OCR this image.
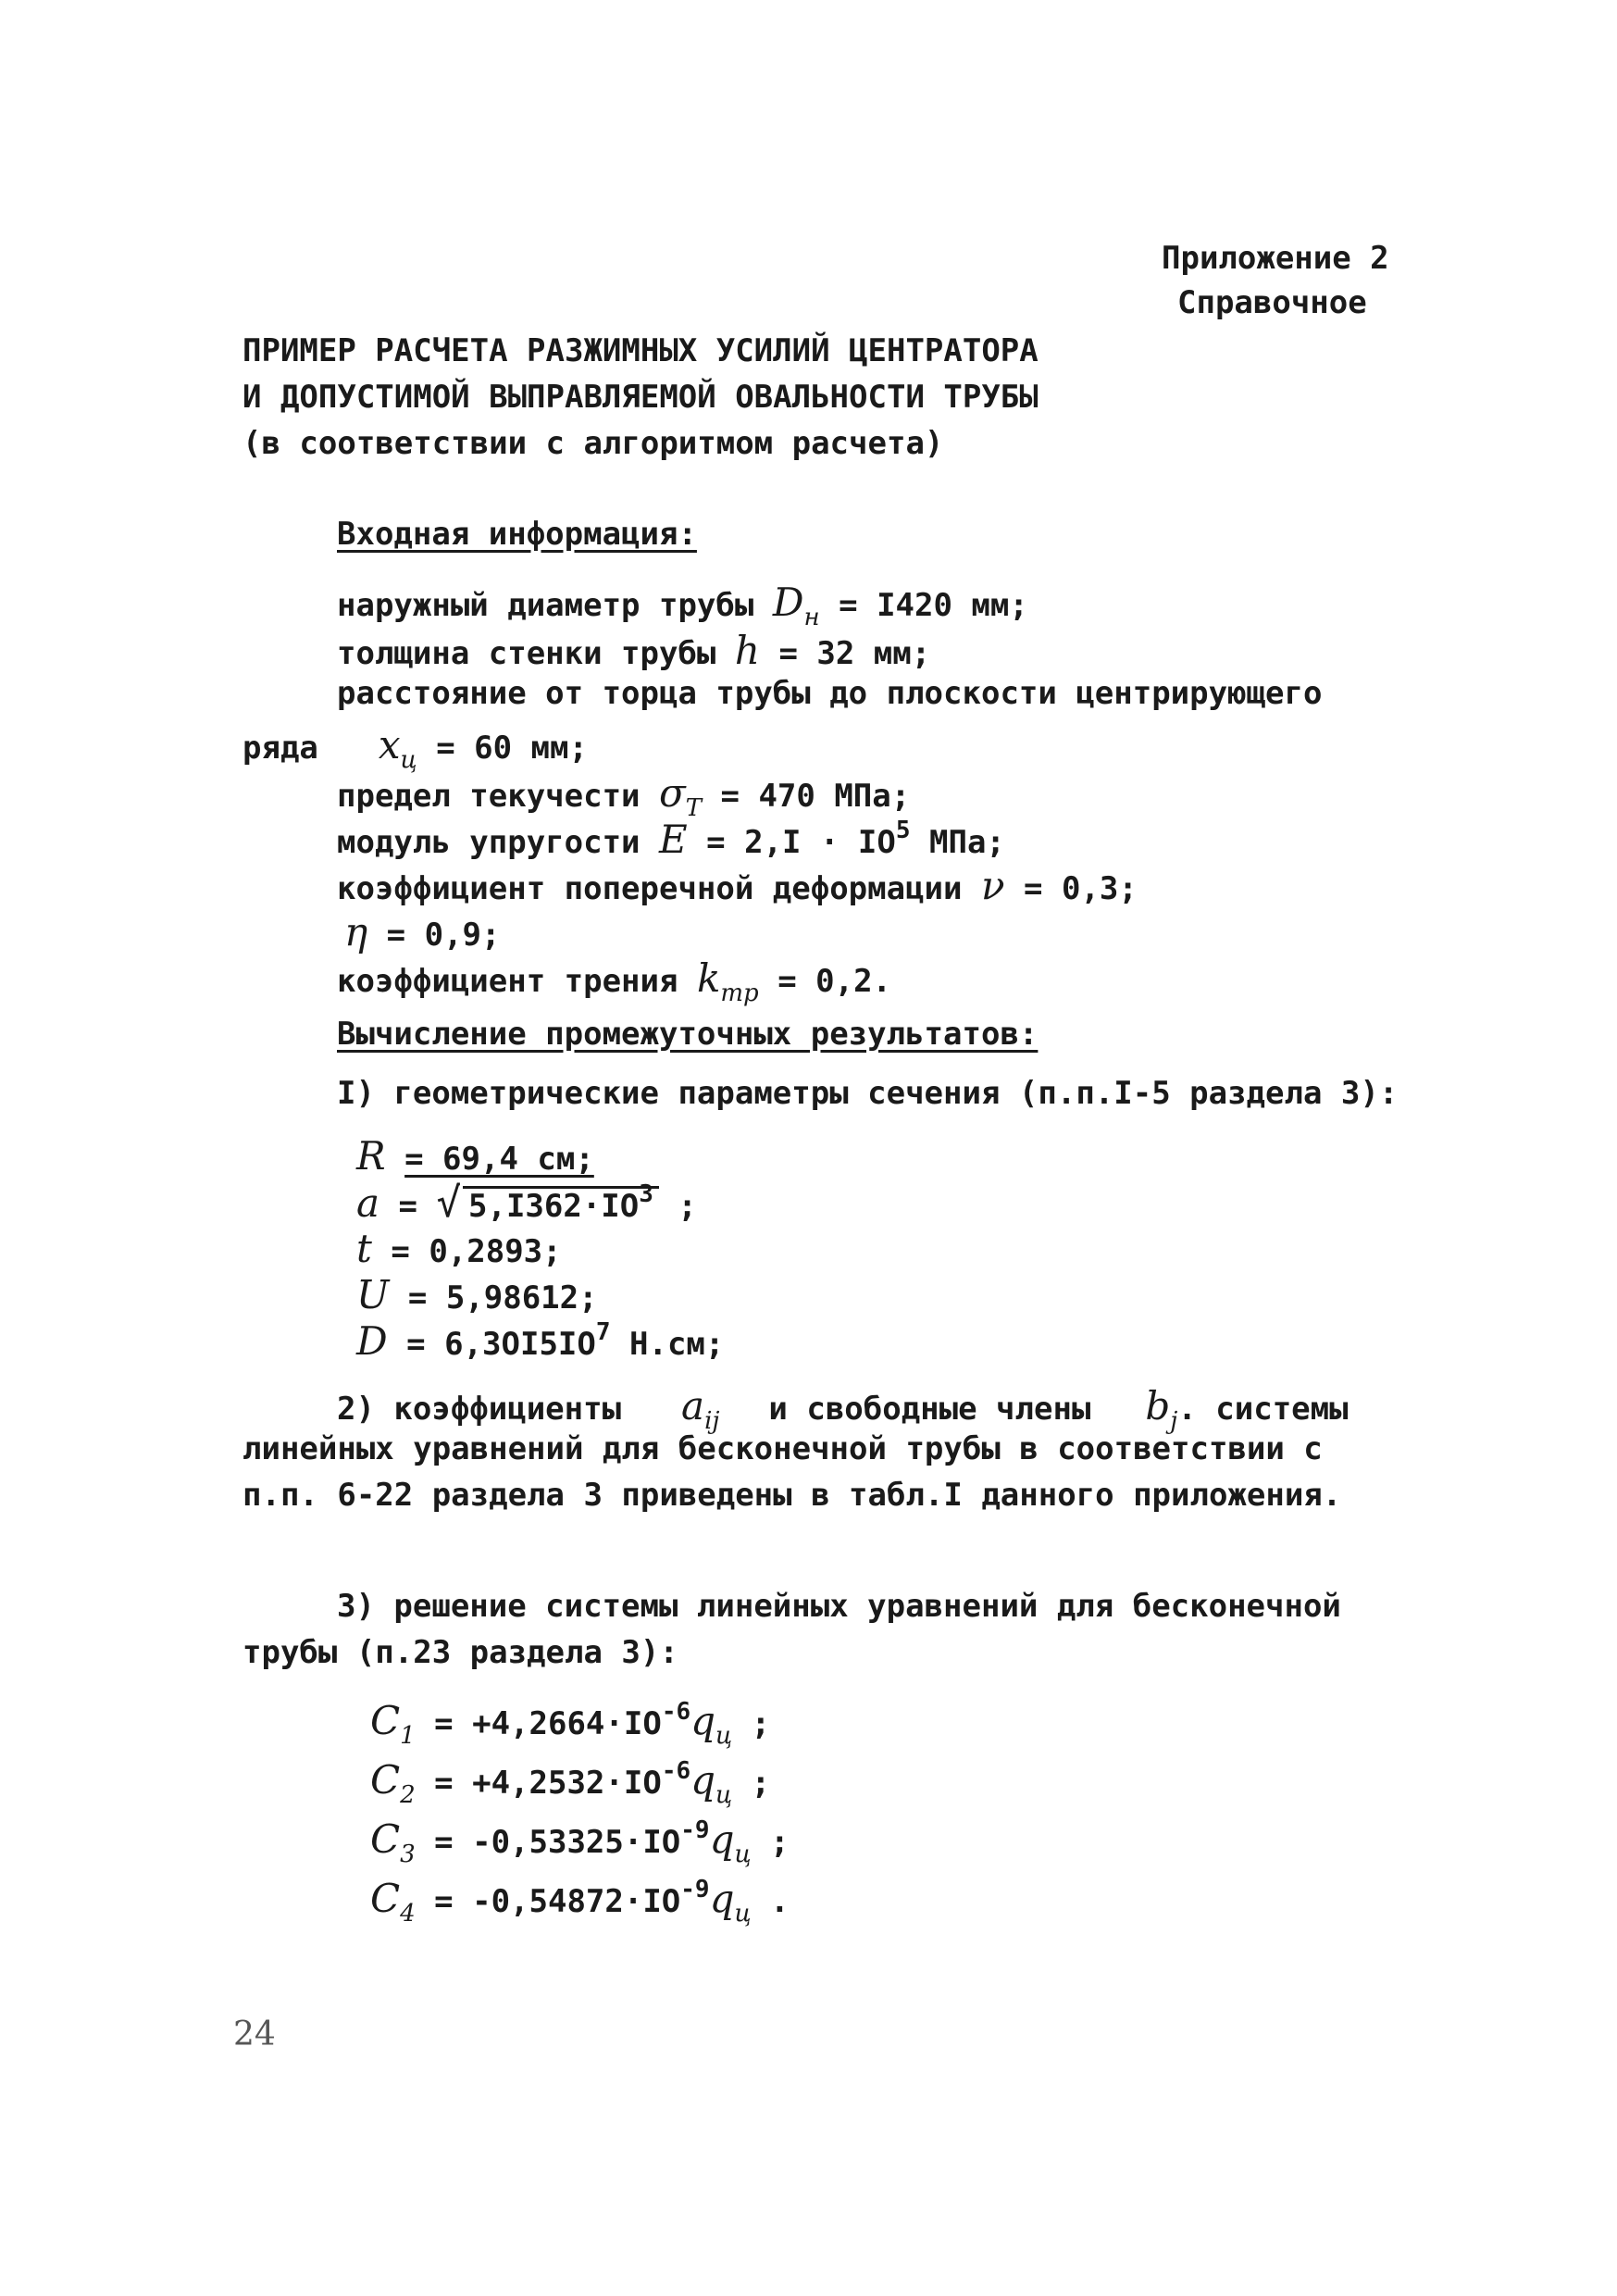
Приложение 2
Справочное
ПРИМЕР РАСЧЕТА РАЗЖИМНЫХ УСИЛИЙ ЦЕНТРАТОРА
И ДОПУСТИМОЙ ВЫПРАВЛЯЕМОЙ ОВАЛЬНОСТИ ТРУБЫ
(в соответствии с алгоритмом расчета)
Входная информация:
наружный диаметр трубы $D_н = I420$ мм;
толщина стенки трубы h = 32 мм;
расстояние от торца трубы до плоскости центрирующего
ряда $x_ц = 60$ мм;
предел текучести $\sigma_Т = 470$ МПа;
модуль упругости $E = 2,I \cdot IO^5$ МПа;
коэффициент поперечной деформации ν = 0,3;
η = 0,9;
коэффициент трения $k_{тр} = 0,2$.
Вычисление промежуточных результатов:
I) геометрические параметры сечения (п.п.I-5 раздела 3):
R = 69,4 см;
a = √ $5,I362\cdot IO^3$ ;
t = 0,2893;
U = 5,98612;
$D = 6,3OI5IO^7$ Н.см;
2) коэффициенты $a_{ij}$ и свободные члены $b_j$. системы
линейных уравнений для бесконечной трубы в соответствии с
п.п. 6-22 раздела 3 приведены в табл.I данного приложения.
3) решение системы линейных уравнений для бесконечной
трубы (п.23 раздела 3):
$C_1 = +4,2664\cdot IO^{-6}q_ц$ ;
$C_2 = +4,2532\cdot IO^{-6}q_ц$ ;
$C_3 = -0,53325\cdot IO^{-9}q_ц$ ;
$C_4 = -0,54872\cdot IO^{-9}q_ц$ .
24
